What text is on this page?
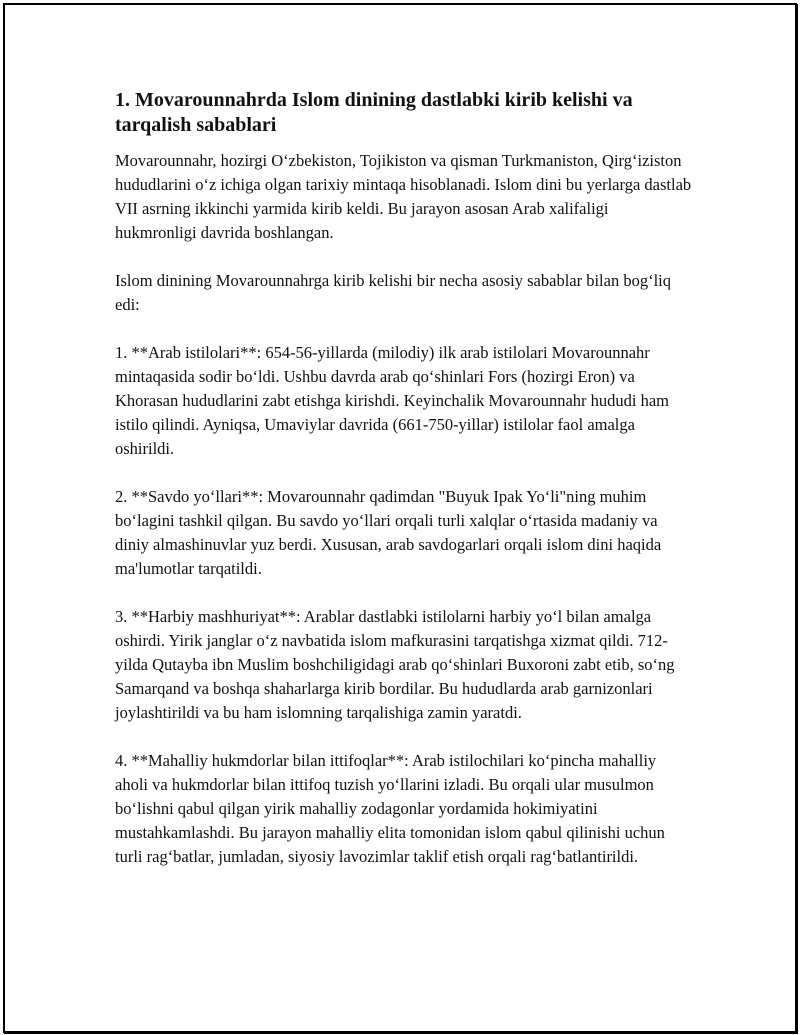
1. Movarounnahrda Islom dinining dastlabki kirib kelishi va tarqalish sabablari

Movarounnahr, hozirgi O‘zbekiston, Tojikiston va qisman Turkmaniston, Qirg‘iziston hududlarini o‘z ichiga olgan tarixiy mintaqa hisoblanadi. Islom dini bu yerlarga dastlab VII asrning ikkinchi yarmida kirib keldi. Bu jarayon asosan Arab xalifaligi hukmronligi davrida boshlangan.

Islom dinining Movarounnahrga kirib kelishi bir necha asosiy sabablar bilan bog‘liq edi:

1. **Arab istilolari**: 654-56-yillarda (milodiy) ilk arab istilolari Movarounnahr mintaqasida sodir bo‘ldi. Ushbu davrda arab qo‘shinlari Fors (hozirgi Eron) va Khorasan hududlarini zabt etishga kirishdi. Keyinchalik Movarounnahr hududi ham istilo qilindi. Ayniqsa, Umaviylar davrida (661-750-yillar) istilolar faol amalga oshirildi.

2. **Savdo yo‘llari**: Movarounnahr qadimdan "Buyuk Ipak Yo‘li"ning muhim bo‘lagini tashkil qilgan. Bu savdo yo‘llari orqali turli xalqlar o‘rtasida madaniy va diniy almashinuvlar yuz berdi. Xususan, arab savdogarlari orqali islom dini haqida ma'lumotlar tarqatildi.

3. **Harbiy mashhuriyat**: Arablar dastlabki istilolarni harbiy yo‘l bilan amalga oshirdi. Yirik janglar o‘z navbatida islom mafkurasini tarqatishga xizmat qildi. 712-yilda Qutayba ibn Muslim boshchiligidagi arab qo‘shinlari Buxoroni zabt etib, so‘ng Samarqand va boshqa shaharlarga kirib bordilar. Bu hududlarda arab garnizonlari joylashtirildi va bu ham islomning tarqalishiga zamin yaratdi.

4. **Mahalliy hukmdorlar bilan ittifoqlar**: Arab istilochilari ko‘pincha mahalliy aholi va hukmdorlar bilan ittifoq tuzish yo‘llarini izladi. Bu orqali ular musulmon bo‘lishni qabul qilgan yirik mahalliy zodagonlar yordamida hokimiyatini mustahkamlashdi. Bu jarayon mahalliy elita tomonidan islom qabul qilinishi uchun turli rag‘batlar, jumladan, siyosiy lavozimlar taklif etish orqali rag‘batlantirildi.
